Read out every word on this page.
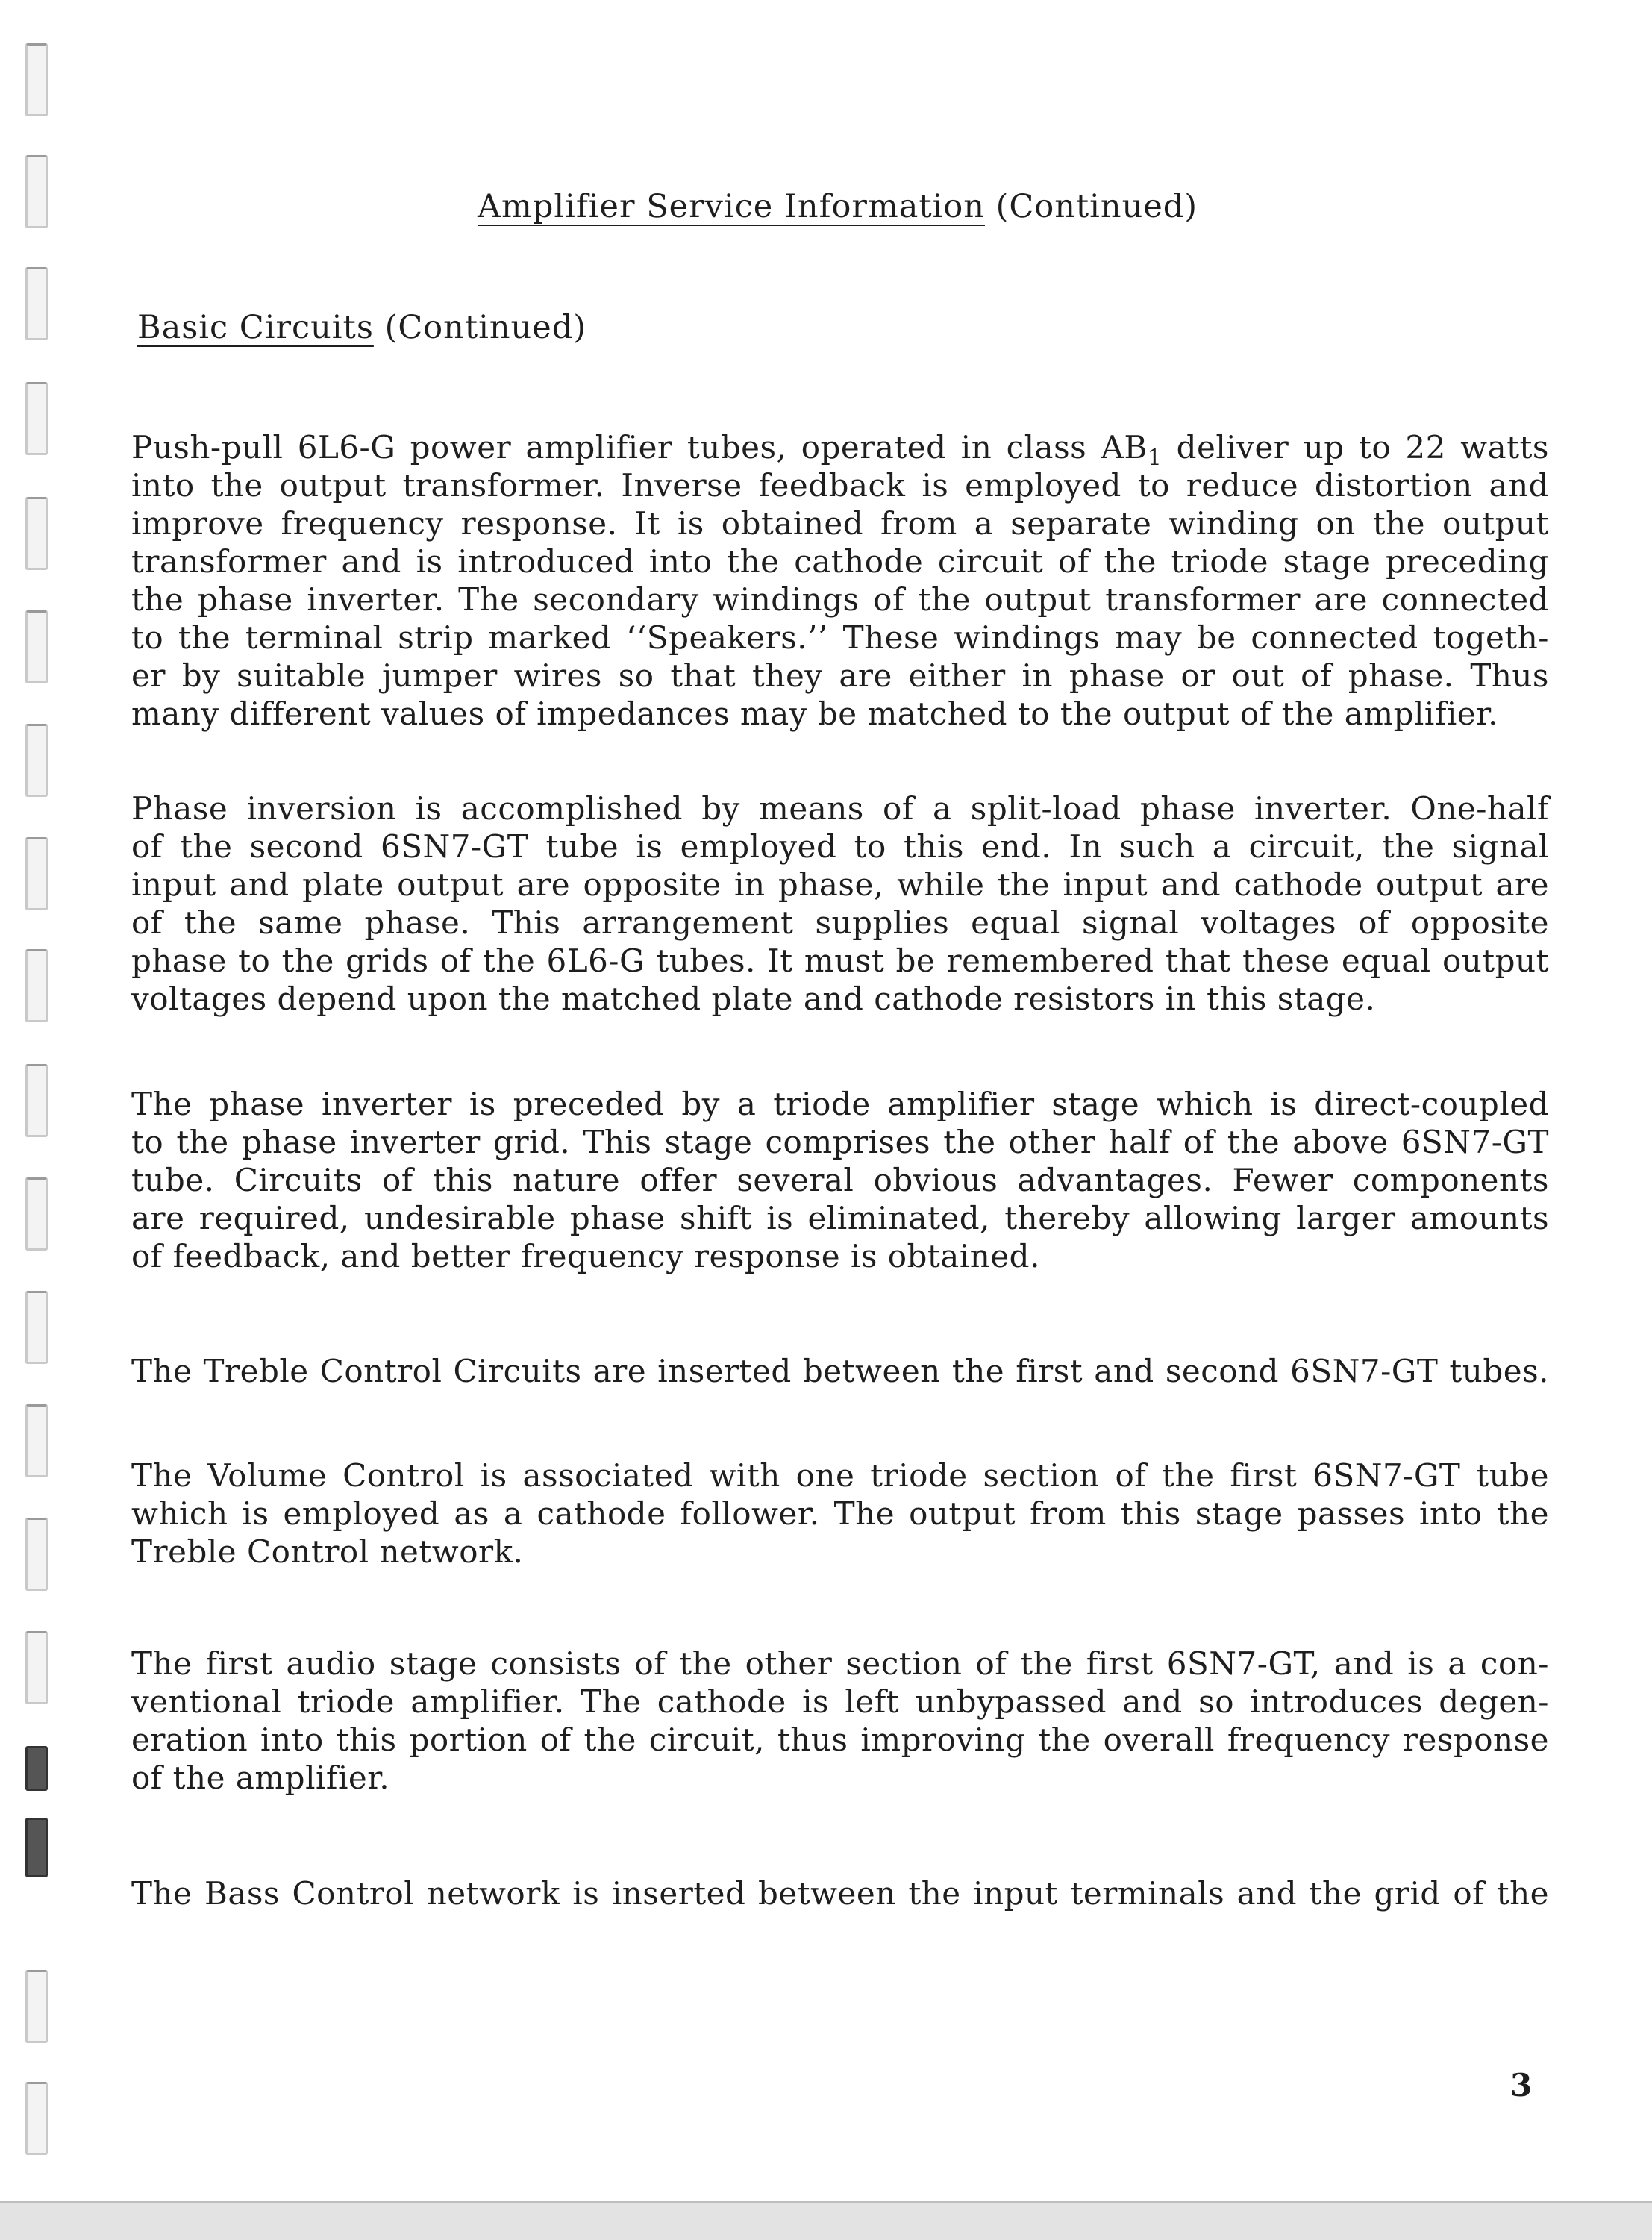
Amplifier Service Information (Continued)
Basic Circuits (Continued)
Push-pull 6L6-G power amplifier tubes, operated in class $AB_1$ deliver up to 22 watts
into the output transformer. Inverse feedback is employed to reduce distortion and
improve frequency response. It is obtained from a separate winding on the output
transformer and is introduced into the cathode circuit of the triode stage preceding
the phase inverter. The secondary windings of the output transformer are connected
to the terminal strip marked ‘‘Speakers.’’ These windings may be connected togeth-
er by suitable jumper wires so that they are either in phase or out of phase. Thus
many different values of impedances may be matched to the output of the amplifier.
Phase inversion is accomplished by means of a split-load phase inverter. One-half
of the second 6SN7-GT tube is employed to this end. In such a circuit, the signal
input and plate output are opposite in phase, while the input and cathode output are
of the same phase. This arrangement supplies equal signal voltages of opposite
phase to the grids of the 6L6-G tubes. It must be remembered that these equal output
voltages depend upon the matched plate and cathode resistors in this stage.
The phase inverter is preceded by a triode amplifier stage which is direct-coupled
to the phase inverter grid. This stage comprises the other half of the above 6SN7-GT
tube. Circuits of this nature offer several obvious advantages. Fewer components
are required, undesirable phase shift is eliminated, thereby allowing larger amounts
of feedback, and better frequency response is obtained.
The Treble Control Circuits are inserted between the first and second 6SN7-GT tubes.
The Volume Control is associated with one triode section of the first 6SN7-GT tube
which is employed as a cathode follower. The output from this stage passes into the
Treble Control network.
The first audio stage consists of the other section of the first 6SN7-GT, and is a con-
ventional triode amplifier. The cathode is left unbypassed and so introduces degen-
eration into this portion of the circuit, thus improving the overall frequency response
of the amplifier.
The Bass Control network is inserted between the input terminals and the grid of the
3
